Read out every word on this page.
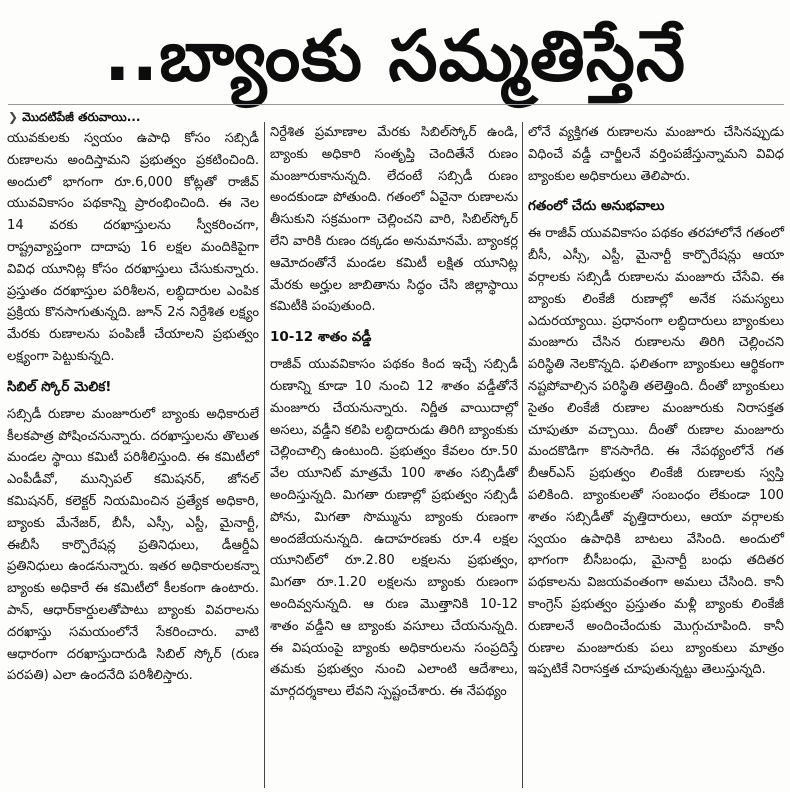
..బ్యాంకు సమ్మతిస్తేనే
❯ మొదటిపేజీ తరువాయి...

యువకులకు స్వయం ఉపాధి కోసం సబ్సిడీ రుణాలను అందిస్తామని ప్రభుత్వం ప్రకటించింది. అందులో భాగంగా రూ.6,000 కోట్లతో రాజీవ్ యువవికాసం పథకాన్ని ప్రారంభించింది. ఈ నెల 14 వరకు దరఖాస్తులను స్వీకరించగా, రాష్ట్రవ్యాప్తంగా దాదాపు 16 లక్షల మందికిపైగా వివిధ యూనిట్ల కోసం దరఖాస్తులు చేసుకున్నారు. ప్రస్తుతం దరఖాస్తుల పరిశీలన, లబ్ధిదారుల ఎంపిక ప్రక్రియ కొనసాగుతున్నది. జూన్ 2న నిర్దేశిత లక్ష్యం మేరకు రుణాలను పంపిణీ చేయాలని ప్రభుత్వం లక్ష్యంగా పెట్టుకున్నది.

సిబిల్ స్కోర్ మెలిక!

సబ్సిడీ రుణాల మంజూరులో బ్యాంకు అధికారులే కీలకపాత్ర పోషించనున్నారు. దరఖాస్తులను తొలుత మండల స్థాయి కమిటీ పరిశీలిస్తుంది. ఈ కమిటీలో ఎంపీడీవో, మున్సిపల్ కమిషనర్, జోనల్ కమిషనర్, కలెక్టర్ నియమించిన ప్రత్యేక అధికారి, బ్యాంకు మేనేజర్, బీసీ, ఎస్సీ, ఎస్టీ, మైనార్టీ, ఈబీసీ కార్పొరేషన్ల ప్రతినిధులు, డీఆర్డీఏ ప్రతినిధులు ఉండనున్నారు. ఇతర అధికారులకన్నా బ్యాంకు అధికారే ఈ కమిటీలో కీలకంగా ఉంటారు. పాన్, ఆధార్‌కార్డులతోపాటు బ్యాంకు వివరాలను దరఖాస్తు సమయంలోనే సేకరించారు. వాటి ఆధారంగా దరఖాస్తుదారుడి సిబిల్ స్కోర్ (రుణ పరపతి) ఎలా ఉందనేది పరిశీలిస్తారు.

నిర్దేశిత ప్రమాణాల మేరకు సిబిల్‌స్కోర్ ఉండి, బ్యాంకు అధికారి సంతృప్తి చెందితేనే రుణం మంజూరుకానున్నది. లేదంటే సబ్సిడీ రుణం అందకుండా పోతుంది. గతంలో ఏవైనా రుణాలను తీసుకుని సక్రమంగా చెల్లించని వారి, సిబిల్‌స్కోర్ లేని వారికి రుణం దక్కడం అనుమానమే. బ్యాంకర్ల ఆమోదంతోనే మండల కమిటీ లక్షిత యూనిట్ల మేరకు అర్హుల జాబితాను సిద్ధం చేసి జిల్లాస్థాయి కమిటీకి పంపుతుంది.

10-12 శాతం వడ్డీ

రాజీవ్ యువవికాసం పథకం కింద ఇచ్చే సబ్సిడీ రుణాన్ని కూడా 10 నుంచి 12 శాతం వడ్డీతోనే మంజూరు చేయనున్నారు. నిర్ణీత వాయిదాల్లో అసలు, వడ్డీని కలిపి లబ్ధిదారుడు తిరిగి బ్యాంకుకు చెల్లించాల్సి ఉంటుంది. ప్రభుత్వం కేవలం రూ.50 వేల యూనిట్ మాత్రమే 100 శాతం సబ్సిడీతో అందిస్తున్నది. మిగతా రుణాల్లో ప్రభుత్వం సబ్సిడీ పోను, మిగతా సొమ్మును బ్యాంకు రుణంగా అందజేయనున్నది. ఉదాహరణకు రూ.4 లక్షల యూనిట్‌లో రూ.2.80 లక్షలను ప్రభుత్వం, మిగతా రూ.1.20 లక్షలను బ్యాంకు రుణంగా అందివ్వనున్నది. ఆ రుణ మొత్తానికి 10-12 శాతం వడ్డీని ఆ బ్యాంకు వసూలు చేయనున్నది. ఈ విషయంపై బ్యాంకు అధికారులను సంప్రదిస్తే తమకు ప్రభుత్వం నుంచి ఎలాంటి ఆదేశాలు, మార్గదర్శకాలు లేవని స్పష్టంచేశారు. ఈ నేపథ్యం

లోనే వ్యక్తిగత రుణాలను మంజూరు చేసినప్పుడు విధించే వడ్డీ చార్జీలనే వర్తింపజేస్తున్నామని వివిధ బ్యాంకుల అధికారులు తెలిపారు.

గతంలో చేదు అనుభవాలు

ఈ రాజీవ్ యువవికాసం పథకం తరహాలోనే గతంలో బీసీ, ఎస్సీ, ఎస్టీ, మైనార్టీ కార్పొరేషన్లు ఆయా వర్గాలకు సబ్సిడీ రుణాలను మంజూరు చేసేవి. ఈ బ్యాంకు లింకేజీ రుణాల్లో అనేక సమస్యలు ఎదురయ్యాయి. ప్రధానంగా లబ్ధిదారులు బ్యాంకులు మంజూరు చేసిన రుణాలను తిరిగి చెల్లించని పరిస్థితి నెలకొన్నది. ఫలితంగా బ్యాంకులు ఆర్థికంగా నష్టపోవాల్సిన పరిస్థితి తలెత్తింది. దీంతో బ్యాంకులు సైతం లింకేజీ రుణాల మంజూరుకు నిరాసక్తత చూపుతూ వచ్చాయి. దీంతో రుణాల మంజూరు మందకొడిగా కొనసాగేది. ఈ నేపథ్యంలోనే గత బీఆర్‌ఎస్ ప్రభుత్వం లింకేజీ రుణాలకు స్వస్తి పలికింది. బ్యాంకులతో సంబంధం లేకుండా 100 శాతం సబ్సిడీతో వృత్తిదారులు, ఆయా వర్గాలకు స్వయం ఉపాధికి బాటలు వేసింది. అందులో భాగంగా బీసీబంధు, మైనార్టీ బంధు తదితర పథకాలను విజయవంతంగా అమలు చేసింది. కానీ కాంగ్రెస్ ప్రభుత్వం ప్రస్తుతం మళ్లీ బ్యాంకు లింకేజీ రుణాలనే అందించేందుకు మొగ్గుచూపింది. కానీ రుణాల మంజూరుకు పలు బ్యాంకులు మాత్రం ఇప్పటికే నిరాసక్తత చూపుతున్నట్టు తెలుస్తున్నది.
